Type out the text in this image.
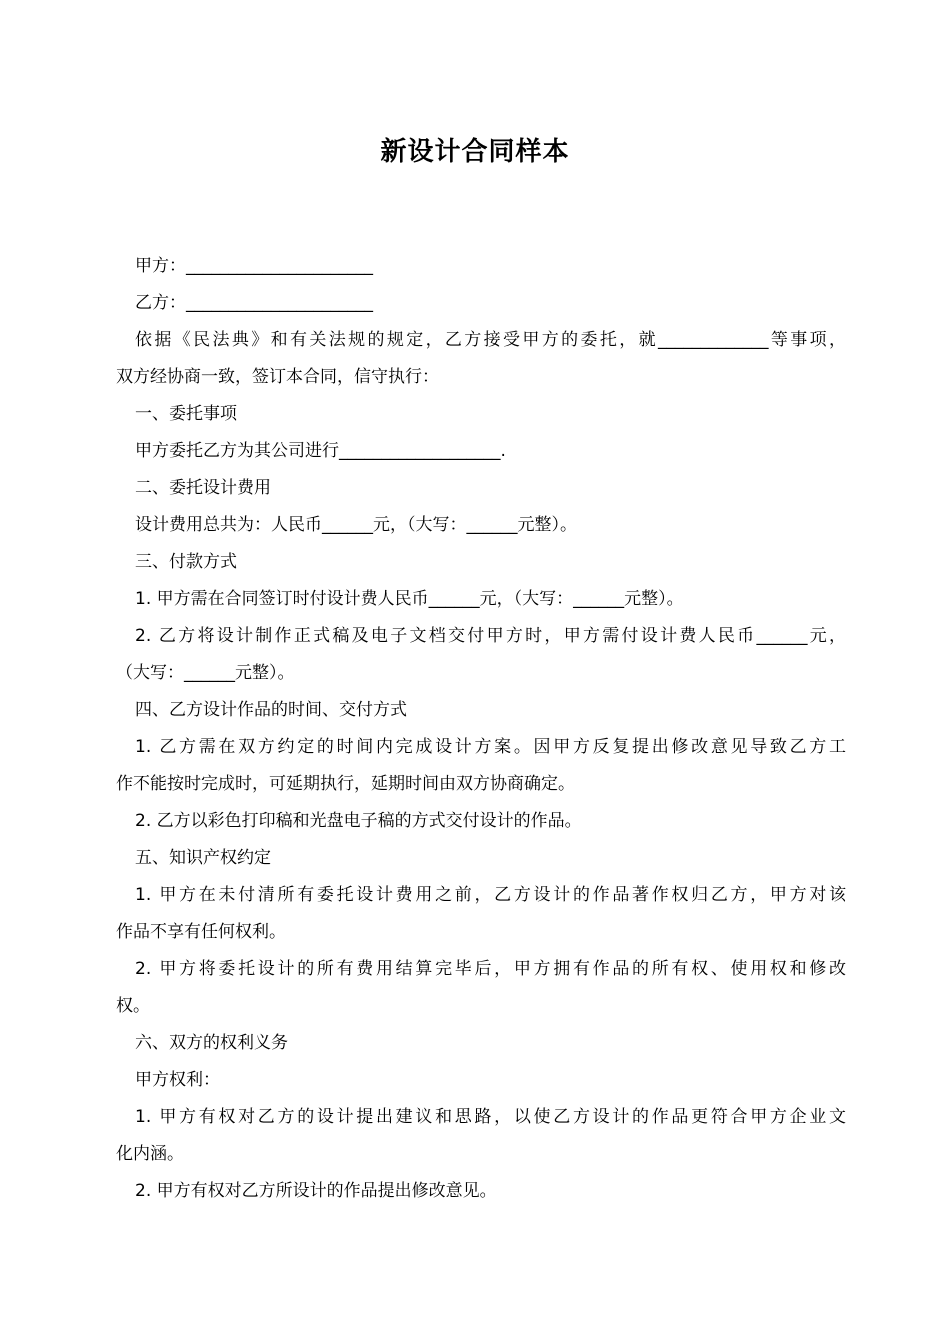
新设计合同样本
甲方：______________________
乙方：______________________
依据《民法典》和有关法规的规定，乙方接受甲方的委托，就_____________等事项，
双方经协商一致，签订本合同，信守执行：
一、委托事项
甲方委托乙方为其公司进行___________________.
二、委托设计费用
设计费用总共为：人民币______元，（大写：______元整）。
三、付款方式
1. 甲方需在合同签订时付设计费人民币______元，（大写：______元整）。
2. 乙方将设计制作正式稿及电子文档交付甲方时，甲方需付设计费人民币______元，
（大写：______元整）。
四、乙方设计作品的时间、交付方式
1. 乙方需在双方约定的时间内完成设计方案。因甲方反复提出修改意见导致乙方工
作不能按时完成时，可延期执行，延期时间由双方协商确定。
2. 乙方以彩色打印稿和光盘电子稿的方式交付设计的作品。
五、知识产权约定
1. 甲方在未付清所有委托设计费用之前，乙方设计的作品著作权归乙方，甲方对该
作品不享有任何权利。
2. 甲方将委托设计的所有费用结算完毕后，甲方拥有作品的所有权、使用权和修改
权。
六、双方的权利义务
甲方权利：
1. 甲方有权对乙方的设计提出建议和思路，以使乙方设计的作品更符合甲方企业文
化内涵。
2. 甲方有权对乙方所设计的作品提出修改意见。
